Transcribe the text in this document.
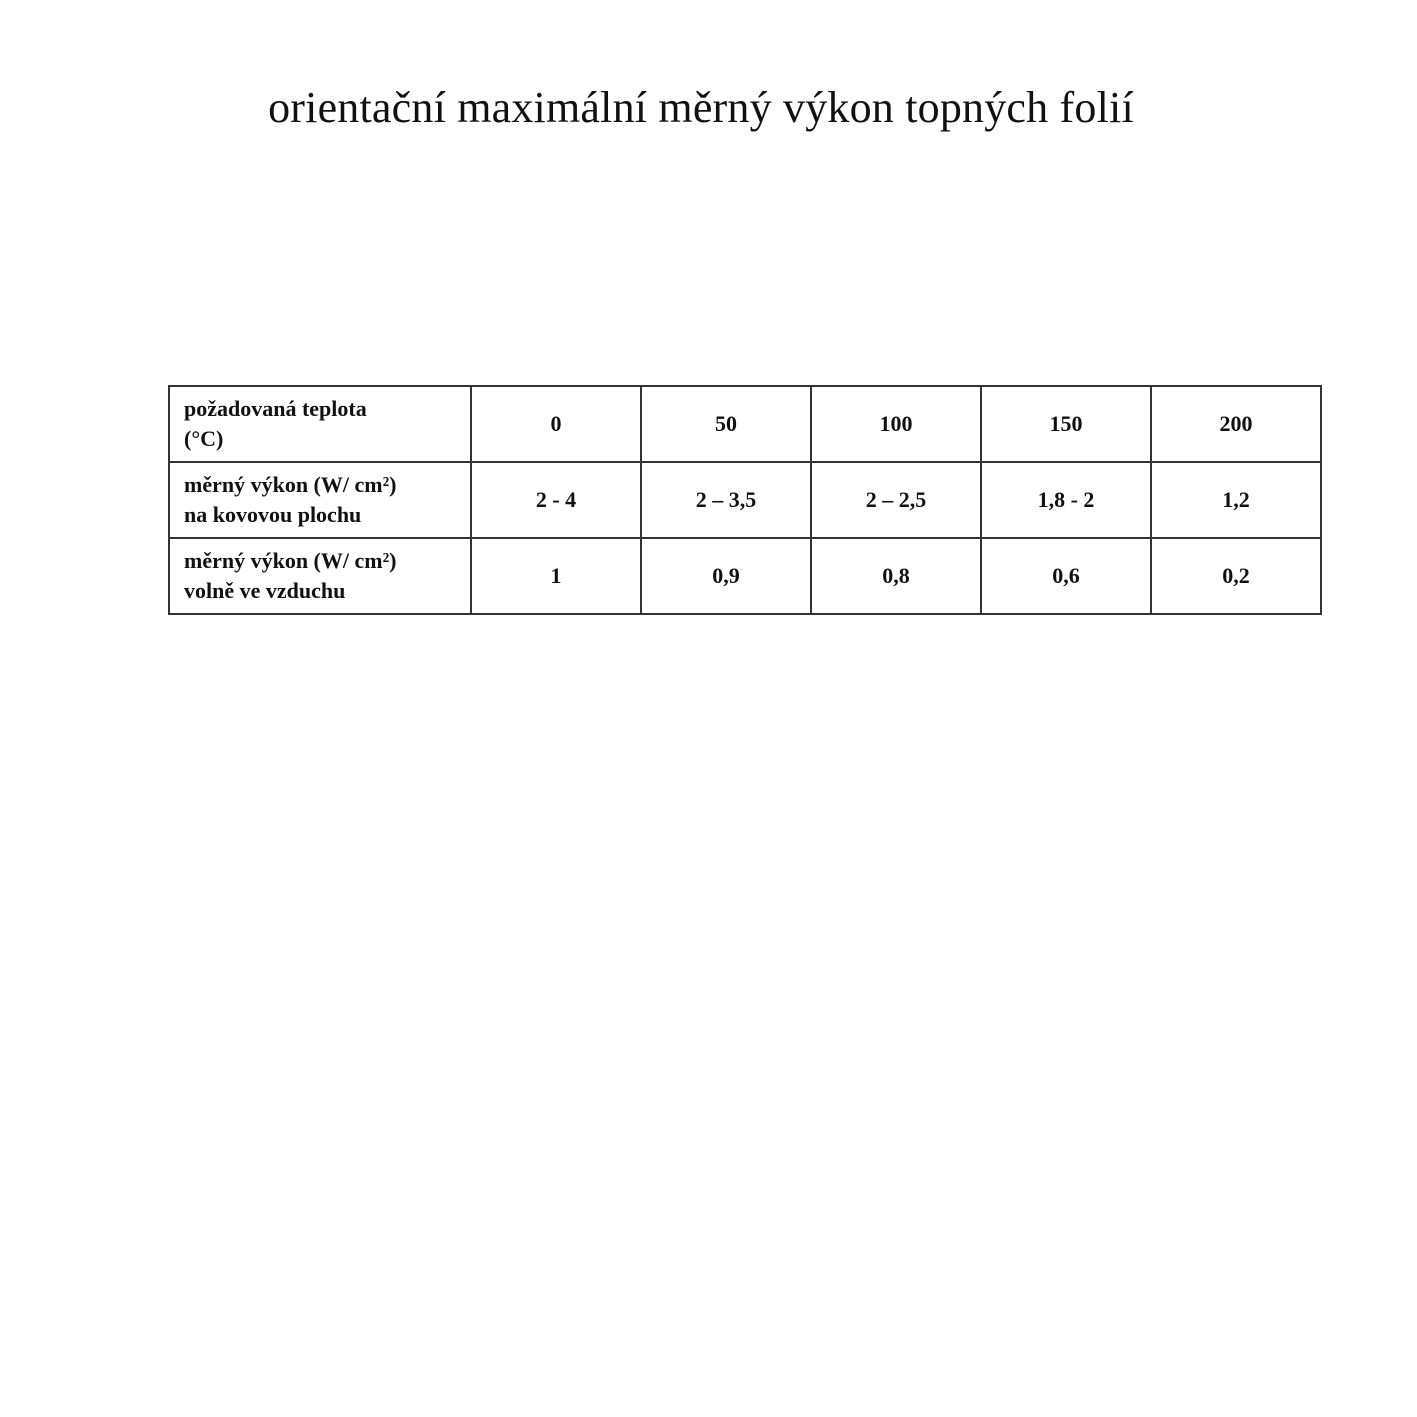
orientační maximální měrný výkon topných folií
požadovaná teplota
(°C)	0	50	100	150	200

měrný výkon (W/ cm²)
na kovovou plochu	2 - 4	2 – 3,5	2 – 2,5	1,8 - 2	1,2

měrný výkon (W/ cm²)
volně ve vzduchu	1	0,9	0,8	0,6	0,2
